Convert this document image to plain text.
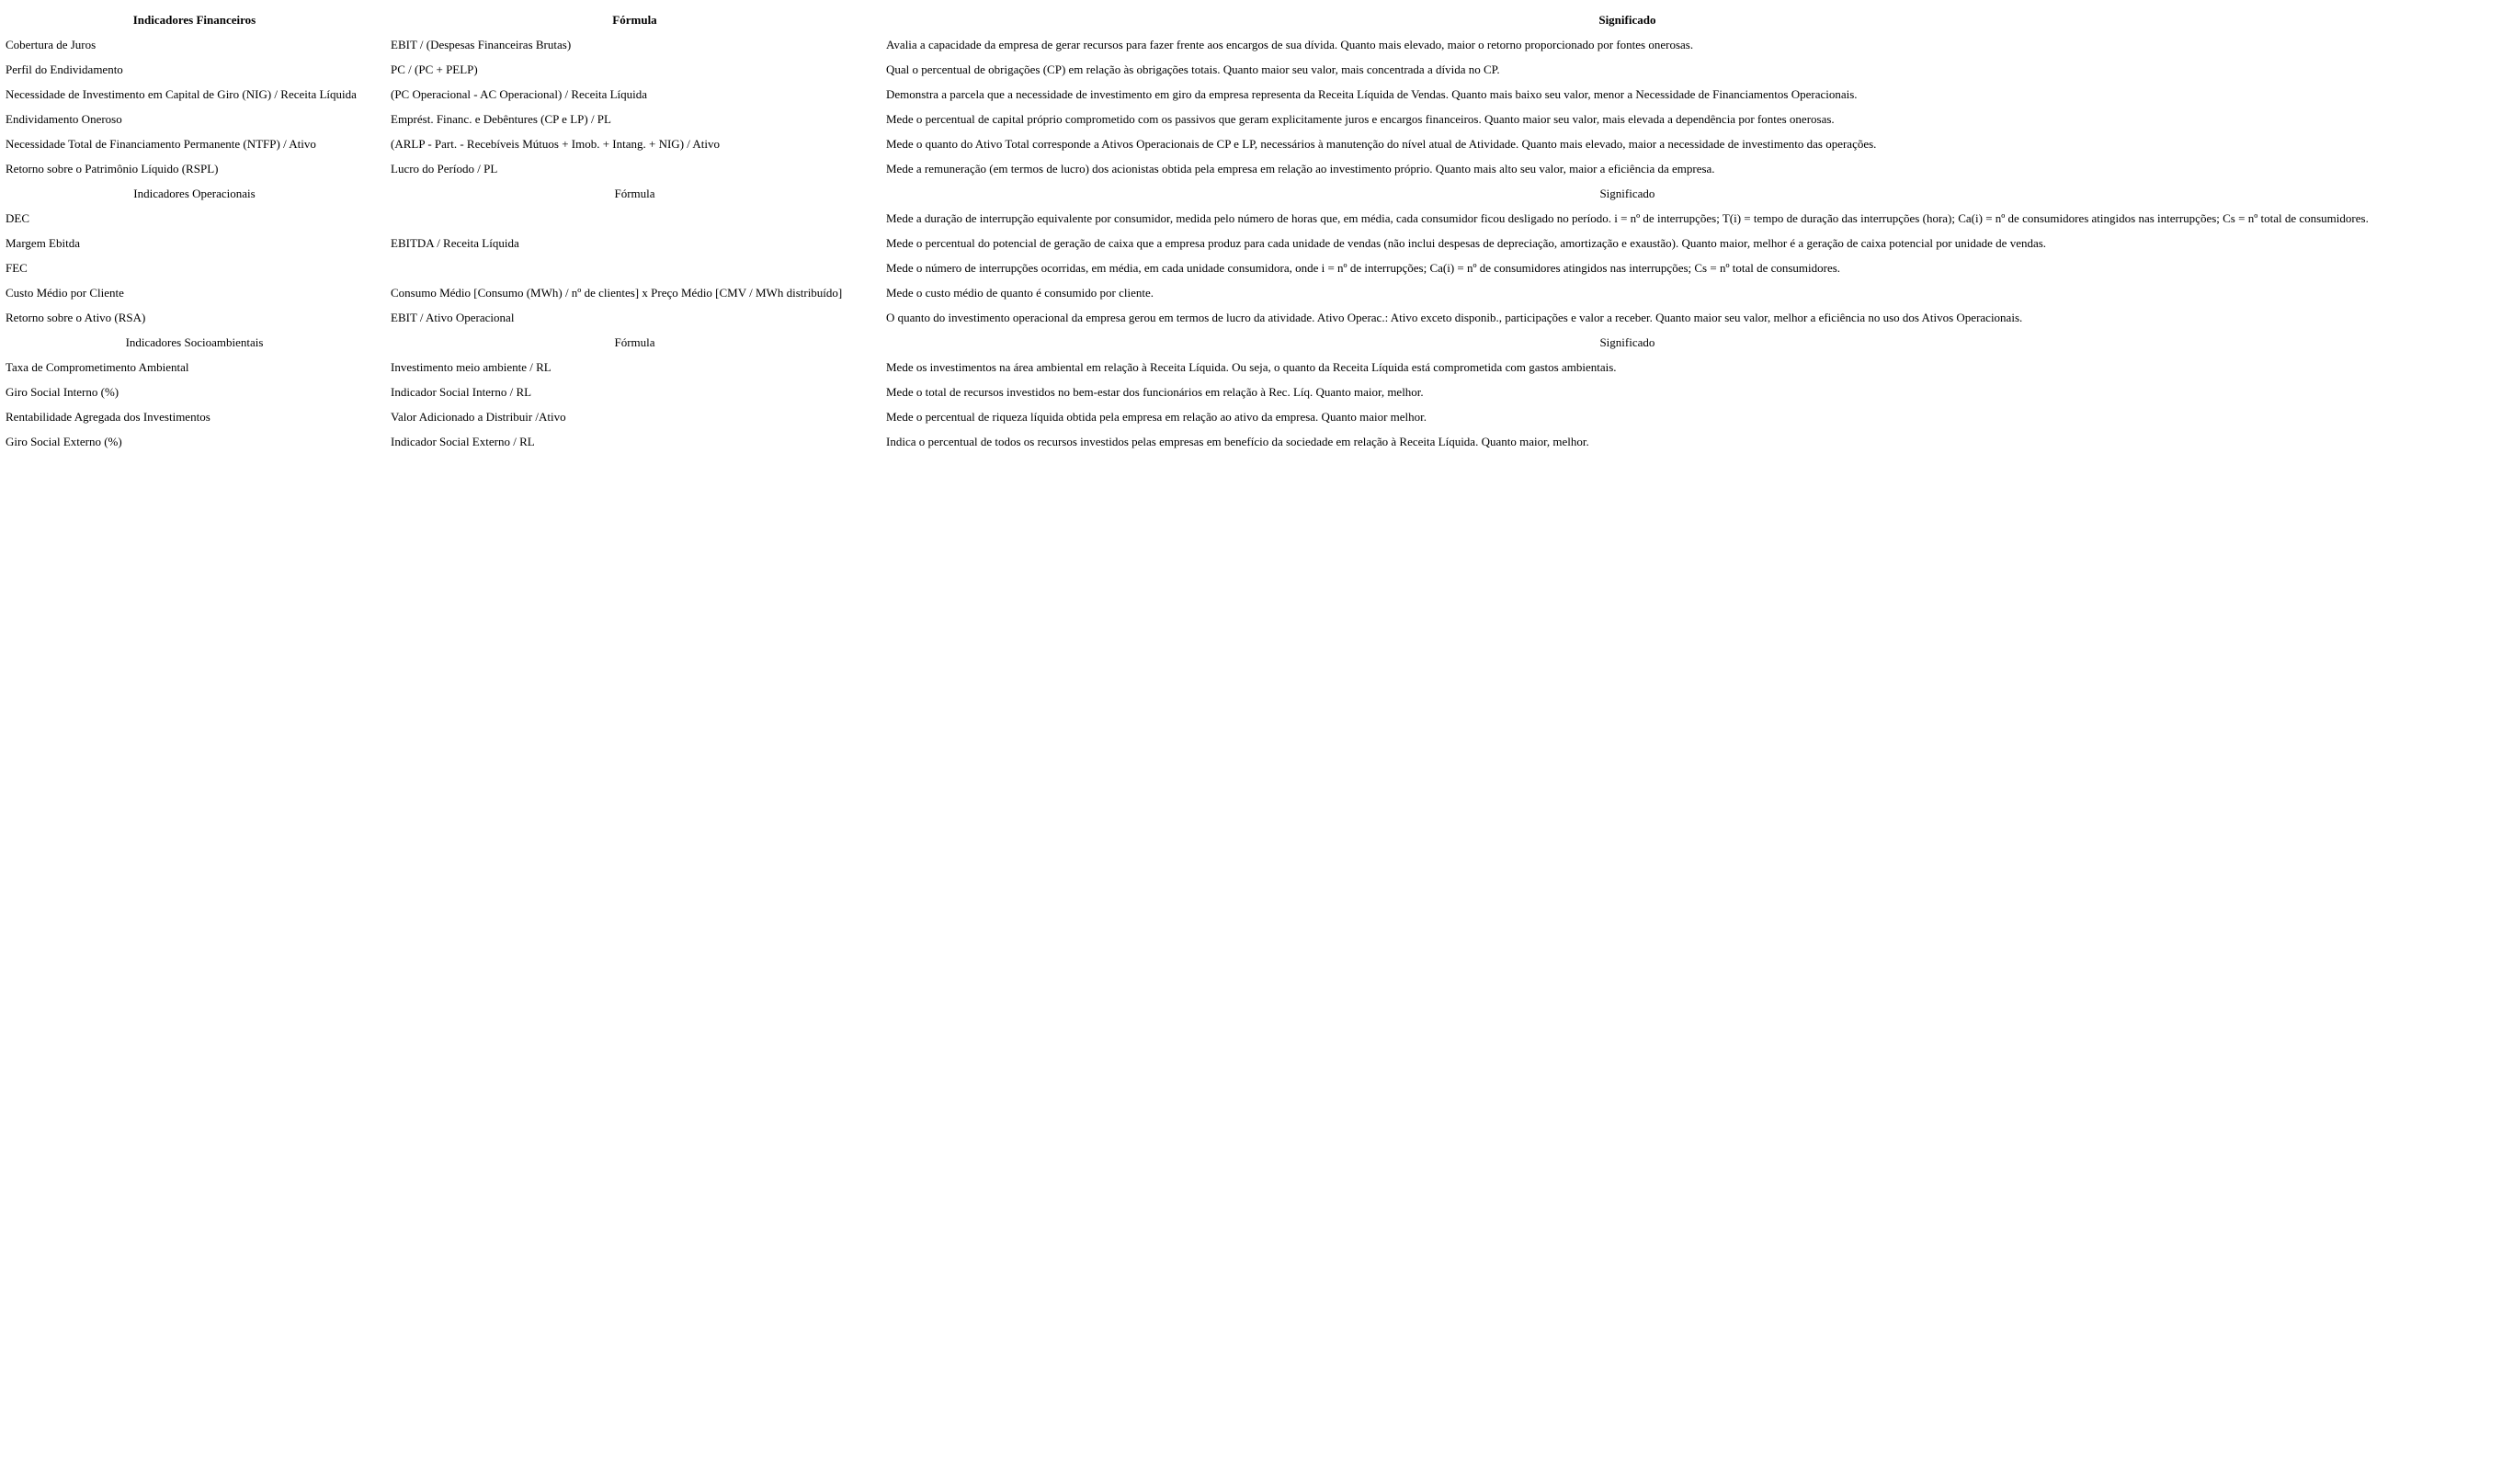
Indicadores Financeiros	Fórmula	Significado
Cobertura de Juros	EBIT / (Despesas Financeiras Brutas)	Avalia a capacidade da empresa de gerar recursos para fazer frente aos encargos de sua dívida. Quanto mais elevado, maior o retorno proporcionado por fontes onerosas.
Perfil do Endividamento	PC / (PC + PELP)	Qual o percentual de obrigações (CP) em relação às obrigações totais. Quanto maior seu valor, mais concentrada a dívida no CP.
Necessidade de Investimento em Capital de Giro (NIG) / Receita Líquida	(PC Operacional - AC Operacional) / Receita Líquida	Demonstra a parcela que a necessidade de investimento em giro da empresa representa da Receita Líquida de Vendas. Quanto mais baixo seu valor, menor a Necessidade de Financiamentos Operacionais.
Endividamento Oneroso	Emprést. Financ. e Debêntures (CP e LP) / PL	Mede o percentual de capital próprio comprometido com os passivos que geram explicitamente juros e encargos financeiros. Quanto maior seu valor, mais elevada a dependência por fontes onerosas.
Necessidade Total de Financiamento Permanente (NTFP) / Ativo	(ARLP - Part. - Recebíveis Mútuos + Imob. + Intang. + NIG) / Ativo	Mede o quanto do Ativo Total corresponde a Ativos Operacionais de CP e LP, necessários à manutenção do nível atual de Atividade. Quanto mais elevado, maior a necessidade de investimento das operações.
Retorno sobre o Patrimônio Líquido (RSPL)	Lucro do Período / PL	Mede a remuneração (em termos de lucro) dos acionistas obtida pela empresa em relação ao investimento próprio. Quanto mais alto seu valor, maior a eficiência da empresa.
Indicadores Operacionais	Fórmula	Significado
DEC		Mede a duração de interrupção equivalente por consumidor, medida pelo número de horas que, em média, cada consumidor ficou desligado no período. i = nº de interrupções; T(i) = tempo de duração das interrupções (hora); Ca(i) = nº de consumidores atingidos nas interrupções; Cs = nº total de consumidores.
Margem Ebitda	EBITDA / Receita Líquida	Mede o percentual do potencial de geração de caixa que a empresa produz para cada unidade de vendas (não inclui despesas de depreciação, amortização e exaustão). Quanto maior, melhor é a geração de caixa potencial por unidade de vendas.
FEC		Mede o número de interrupções ocorridas, em média, em cada unidade consumidora, onde i = nº de interrupções; Ca(i) = nº de consumidores atingidos nas interrupções; Cs = nº total de consumidores.
Custo Médio por Cliente	Consumo Médio [Consumo (MWh) / nº de clientes] x Preço Médio [CMV / MWh distribuído]	Mede o custo médio de quanto é consumido por cliente.
Retorno sobre o Ativo (RSA)	EBIT / Ativo Operacional	O quanto do investimento operacional da empresa gerou em termos de lucro da atividade. Ativo Operac.: Ativo exceto disponib., participações e valor a receber. Quanto maior seu valor, melhor a eficiência no uso dos Ativos Operacionais.
Indicadores Socioambientais	Fórmula	Significado
Taxa de Comprometimento Ambiental	Investimento meio ambiente / RL	Mede os investimentos na área ambiental em relação à Receita Líquida. Ou seja, o quanto da Receita Líquida está comprometida com gastos ambientais.
Giro Social Interno (%)	Indicador Social Interno / RL	Mede o total de recursos investidos no bem-estar dos funcionários em relação à Rec. Líq. Quanto maior, melhor.
Rentabilidade Agregada dos Investimentos	Valor Adicionado a Distribuir /Ativo	Mede o percentual de riqueza líquida obtida pela empresa em relação ao ativo da empresa. Quanto maior melhor.
Giro Social Externo (%)	Indicador Social Externo / RL	Indica o percentual de todos os recursos investidos pelas empresas em benefício da sociedade em relação à Receita Líquida. Quanto maior, melhor.
